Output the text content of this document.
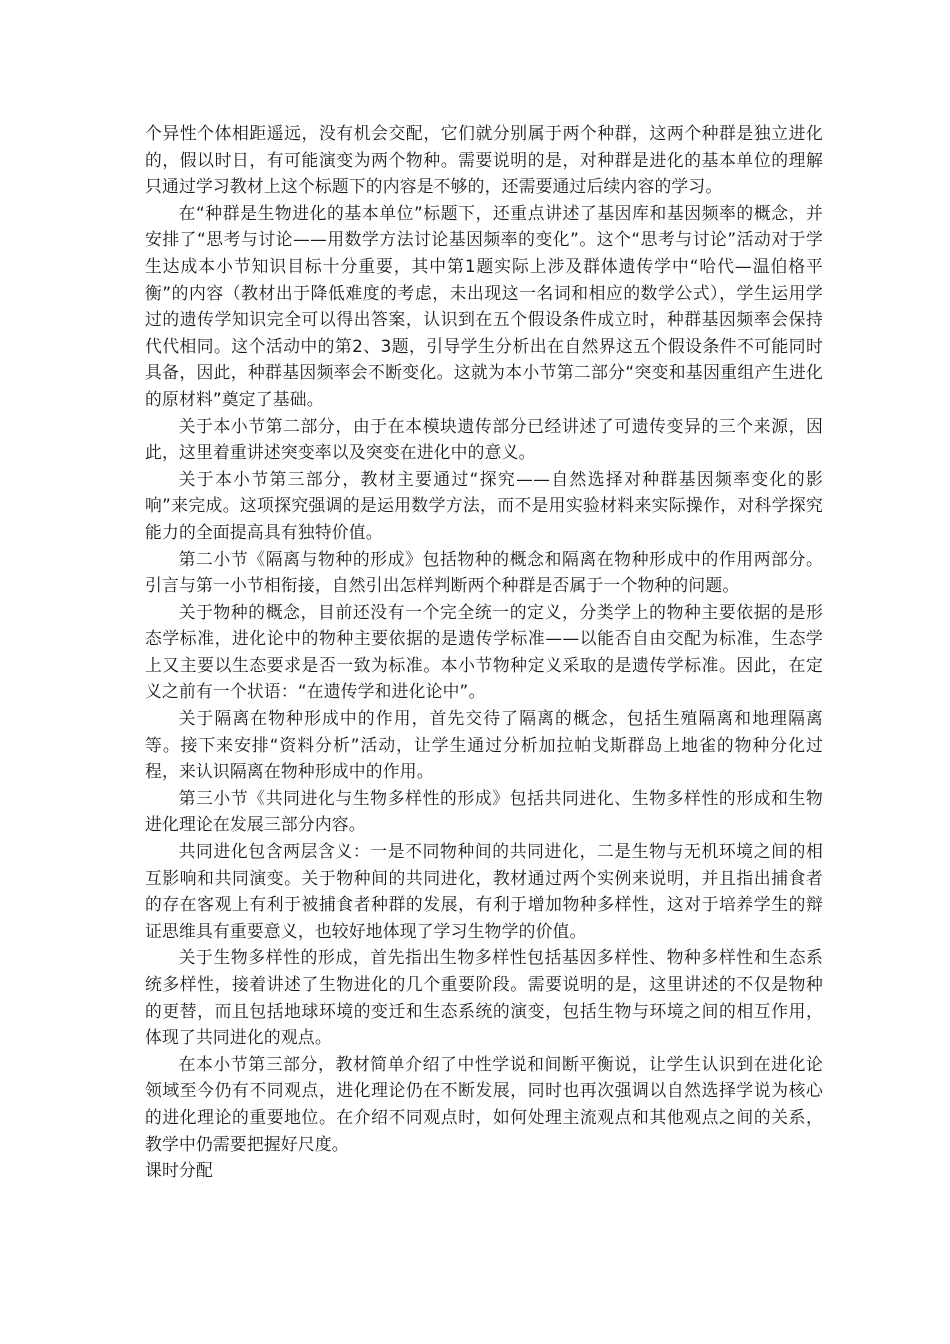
个异性个体相距遥远，没有机会交配，它们就分别属于两个种群，这两个种群是独立进化的，假以时日，有可能演变为两个物种。需要说明的是，对种群是进化的基本单位的理解只通过学习教材上这个标题下的内容是不够的，还需要通过后续内容的学习。

在“种群是生物进化的基本单位”标题下，还重点讲述了基因库和基因频率的概念，并安排了“思考与讨论——用数学方法讨论基因频率的变化”。这个“思考与讨论”活动对于学生达成本小节知识目标十分重要，其中第1题实际上涉及群体遗传学中“哈代—温伯格平衡”的内容（教材出于降低难度的考虑，未出现这一名词和相应的数学公式），学生运用学过的遗传学知识完全可以得出答案，认识到在五个假设条件成立时，种群基因频率会保持代代相同。这个活动中的第2、3题，引导学生分析出在自然界这五个假设条件不可能同时具备，因此，种群基因频率会不断变化。这就为本小节第二部分“突变和基因重组产生进化的原材料”奠定了基础。

关于本小节第二部分，由于在本模块遗传部分已经讲述了可遗传变异的三个来源，因此，这里着重讲述突变率以及突变在进化中的意义。

关于本小节第三部分，教材主要通过“探究——自然选择对种群基因频率变化的影响”来完成。这项探究强调的是运用数学方法，而不是用实验材料来实际操作，对科学探究能力的全面提高具有独特价值。

第二小节《隔离与物种的形成》包括物种的概念和隔离在物种形成中的作用两部分。引言与第一小节相衔接，自然引出怎样判断两个种群是否属于一个物种的问题。

关于物种的概念，目前还没有一个完全统一的定义，分类学上的物种主要依据的是形态学标准，进化论中的物种主要依据的是遗传学标准——以能否自由交配为标准，生态学上又主要以生态要求是否一致为标准。本小节物种定义采取的是遗传学标准。因此，在定义之前有一个状语：“在遗传学和进化论中”。

关于隔离在物种形成中的作用，首先交待了隔离的概念，包括生殖隔离和地理隔离等。接下来安排“资料分析”活动，让学生通过分析加拉帕戈斯群岛上地雀的物种分化过程，来认识隔离在物种形成中的作用。

第三小节《共同进化与生物多样性的形成》包括共同进化、生物多样性的形成和生物进化理论在发展三部分内容。

共同进化包含两层含义：一是不同物种间的共同进化，二是生物与无机环境之间的相互影响和共同演变。关于物种间的共同进化，教材通过两个实例来说明，并且指出捕食者的存在客观上有利于被捕食者种群的发展，有利于增加物种多样性，这对于培养学生的辩证思维具有重要意义，也较好地体现了学习生物学的价值。

关于生物多样性的形成，首先指出生物多样性包括基因多样性、物种多样性和生态系统多样性，接着讲述了生物进化的几个重要阶段。需要说明的是，这里讲述的不仅是物种的更替，而且包括地球环境的变迁和生态系统的演变，包括生物与环境之间的相互作用，体现了共同进化的观点。

在本小节第三部分，教材简单介绍了中性学说和间断平衡说，让学生认识到在进化论领域至今仍有不同观点，进化理论仍在不断发展，同时也再次强调以自然选择学说为核心的进化理论的重要地位。在介绍不同观点时，如何处理主流观点和其他观点之间的关系，教学中仍需要把握好尺度。

课时分配
